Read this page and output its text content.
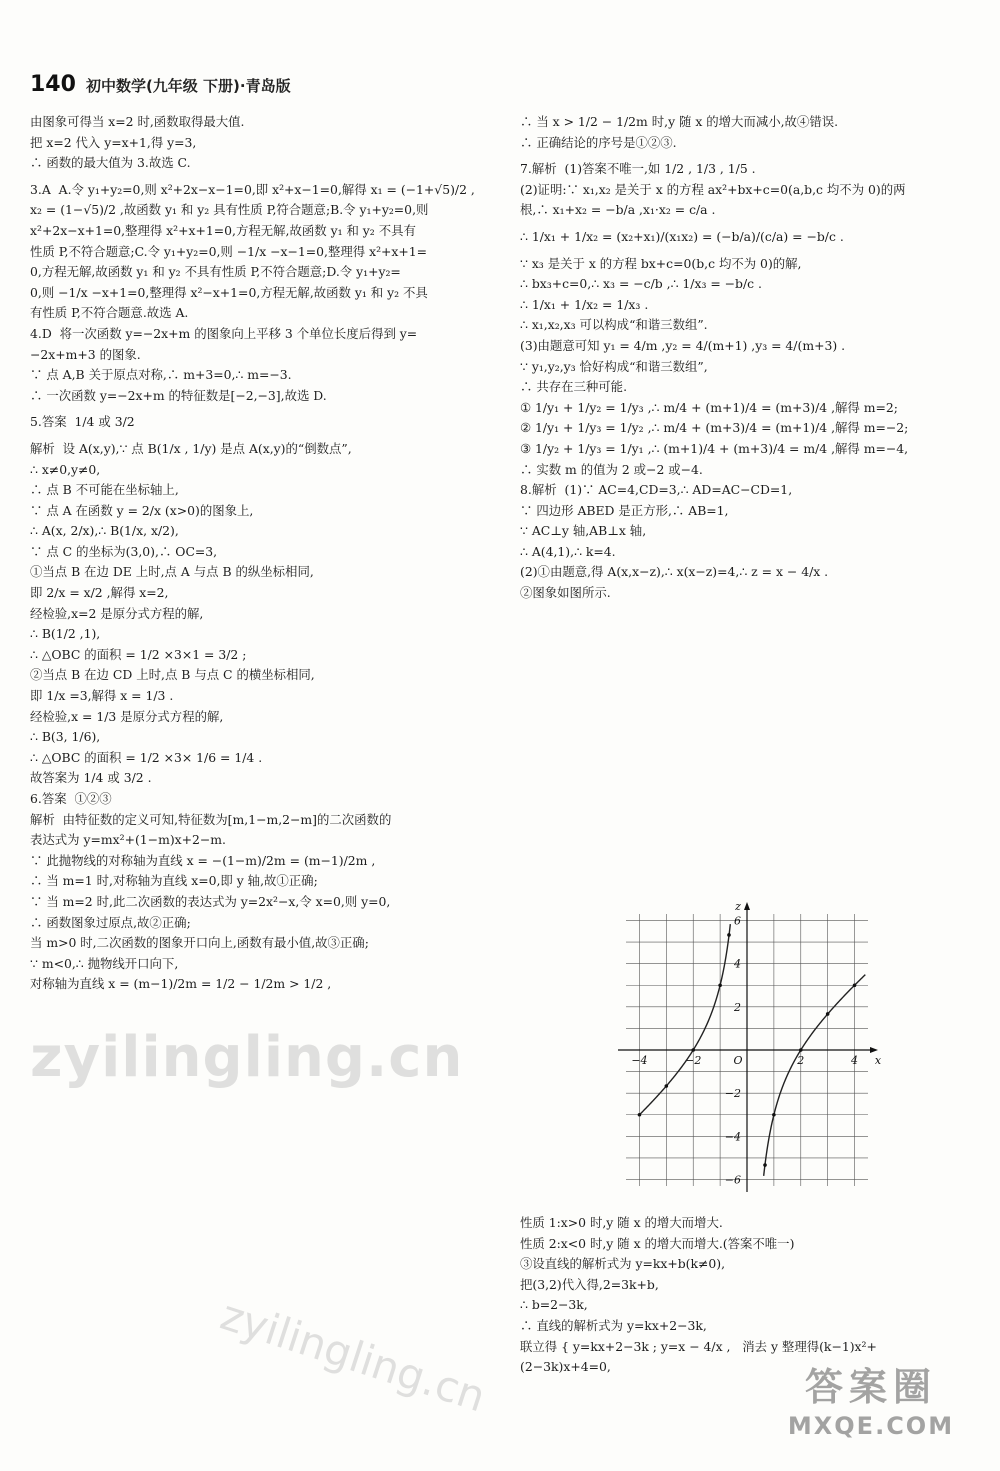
140 初中数学(九年级 下册)·青岛版

由图象可得当 x=2 时,函数取得最大值.

把 x=2 代入 y=x+1,得 y=3,

∴ 函数的最大值为 3.故选 C.

3.A  A.令 y₁+y₂=0,则 x²+2x−x−1=0,即 x²+x−1=0,解得 x₁ = (−1+√5)/2 ,

x₂ = (1−√5)/2 ,故函数 y₁ 和 y₂ 具有性质 P,符合题意;B.令 y₁+y₂=0,则

x²+2x−x+1=0,整理得 x²+x+1=0,方程无解,故函数 y₁ 和 y₂ 不具有

性质 P,不符合题意;C.令 y₁+y₂=0,则 −1/x −x−1=0,整理得 x²+x+1=

0,方程无解,故函数 y₁ 和 y₂ 不具有性质 P,不符合题意;D.令 y₁+y₂=

0,则 −1/x −x+1=0,整理得 x²−x+1=0,方程无解,故函数 y₁ 和 y₂ 不具

有性质 P,不符合题意.故选 A.

4.D  将一次函数 y=−2x+m 的图象向上平移 3 个单位长度后得到 y=

−2x+m+3 的图象.

∵ 点 A,B 关于原点对称,∴ m+3=0,∴ m=−3.

∴ 一次函数 y=−2x+m 的特征数是[−2,−3],故选 D.

5.答案  1/4 或 3/2

解析  设 A(x,y),∵ 点 B(1/x , 1/y) 是点 A(x,y)的“倒数点”,

∴ x≠0,y≠0,

∴ 点 B 不可能在坐标轴上,

∵ 点 A 在函数 y = 2/x (x>0)的图象上,

∴ A(x, 2/x),∴ B(1/x, x/2),

∵ 点 C 的坐标为(3,0),∴ OC=3,

①当点 B 在边 DE 上时,点 A 与点 B 的纵坐标相同,

即 2/x = x/2 ,解得 x=2,

经检验,x=2 是原分式方程的解,

∴ B(1/2 ,1),

∴ △OBC 的面积 = 1/2 ×3×1 = 3/2 ;

②当点 B 在边 CD 上时,点 B 与点 C 的横坐标相同,

即 1/x =3,解得 x = 1/3 .

经检验,x = 1/3 是原分式方程的解,

∴ B(3, 1/6),

∴ △OBC 的面积 = 1/2 ×3× 1/6 = 1/4 .

故答案为 1/4 或 3/2 .

6.答案  ①②③

解析  由特征数的定义可知,特征数为[m,1−m,2−m]的二次函数的

表达式为 y=mx²+(1−m)x+2−m.

∵ 此抛物线的对称轴为直线 x = −(1−m)/2m = (m−1)/2m ,

∴ 当 m=1 时,对称轴为直线 x=0,即 y 轴,故①正确;

∵ 当 m=2 时,此二次函数的表达式为 y=2x²−x,令 x=0,则 y=0,

∴ 函数图象过原点,故②正确;

当 m>0 时,二次函数的图象开口向上,函数有最小值,故③正确;

∵ m<0,∴ 抛物线开口向下,

对称轴为直线 x = (m−1)/2m = 1/2 − 1/2m > 1/2 ,

∴ 当 x > 1/2 − 1/2m 时,y 随 x 的增大而减小,故④错误.

∴ 正确结论的序号是①②③.

7.解析  (1)答案不唯一,如 1/2 , 1/3 , 1/5 .

(2)证明:∵ x₁,x₂ 是关于 x 的方程 ax²+bx+c=0(a,b,c 均不为 0)的两

根,∴ x₁+x₂ = −b/a ,x₁·x₂ = c/a .

∴ 1/x₁ + 1/x₂ = (x₂+x₁)/(x₁x₂) = (−b/a)/(c/a) = −b/c .

∵ x₃ 是关于 x 的方程 bx+c=0(b,c 均不为 0)的解,

∴ bx₃+c=0,∴ x₃ = −c/b ,∴ 1/x₃ = −b/c .

∴ 1/x₁ + 1/x₂ = 1/x₃ .

∴ x₁,x₂,x₃ 可以构成“和谐三数组”.

(3)由题意可知 y₁ = 4/m ,y₂ = 4/(m+1) ,y₃ = 4/(m+3) .

∵ y₁,y₂,y₃ 恰好构成“和谐三数组”,

∴ 共存在三种可能.

① 1/y₁ + 1/y₂ = 1/y₃ ,∴ m/4 + (m+1)/4 = (m+3)/4 ,解得 m=2;

② 1/y₁ + 1/y₃ = 1/y₂ ,∴ m/4 + (m+3)/4 = (m+1)/4 ,解得 m=−2;

③ 1/y₂ + 1/y₃ = 1/y₁ ,∴ (m+1)/4 + (m+3)/4 = m/4 ,解得 m=−4,

∴ 实数 m 的值为 2 或−2 或−4.

8.解析  (1)∵ AC=4,CD=3,∴ AD=AC−CD=1,

∵ 四边形 ABED 是正方形,∴ AB=1,

∵ AC⊥y 轴,AB⊥x 轴,

∴ A(4,1),∴ k=4.

(2)①由题意,得 A(x,x−z),∴ x(x−z)=4,∴ z = x − 4/x .

②图象如图所示.

性质 1:x>0 时,y 随 x 的增大而增大.

性质 2:x<0 时,y 随 x 的增大而增大.(答案不唯一)

③设直线的解析式为 y=kx+b(k≠0),

把(3,2)代入得,2=3k+b,

∴ b=2−3k,

∴ 直线的解析式为 y=kx+2−3k,

联立得 { y=kx+2−3k ; y=x − 4/x ,   消去 y 整理得(k−1)x²+(2−3k)x+4=0,

x
z
O
−4	−2	2	4
6
4
2
−2
−4
−6
zyilingling.cn
zyilingling.cn	答案圈
MXQE.COM
